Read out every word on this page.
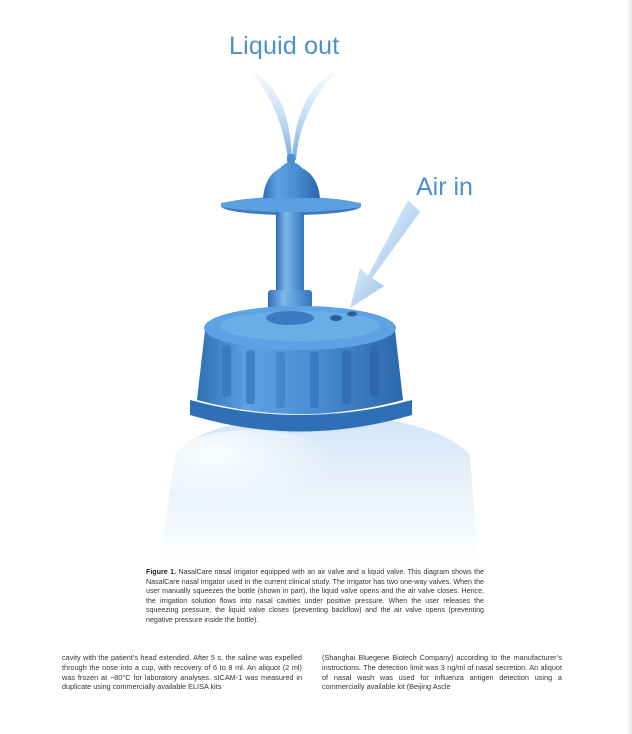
Liquid out
Air in
Figure 1. NasalCare nasal irrigator equipped with an air valve and a liquid valve. This diagram shows the NasalCare nasal irrigator used in the current clinical study. The irrigator has two one-way valves. When the user manually squeezes the bottle (shown in part), the liquid valve opens and the air valve closes. Hence, the irrigation solution flows into nasal cavities under positive pressure. When the user releases the squeezing pressure, the liquid valve closes (preventing backflow) and the air valve opens (preventing negative pressure inside the bottle).
cavity with the patient’s head extended. After 5 s, the saline was expelled through the nose into a cup, with recovery of 6 to 8 ml. An aliquot (2 ml) was frozen at −80°C for laboratory analyses. sICAM-1 was measured in duplicate using commercially available ELISA kits
(Shanghai Bluegene Biotech Company) according to the manufacturer’s instructions. The detection limit was 3 ng/ml of nasal secretion. An aliquot of nasal wash was used for influenza antigen detection using a commercially available kit (Beijing Ascle
